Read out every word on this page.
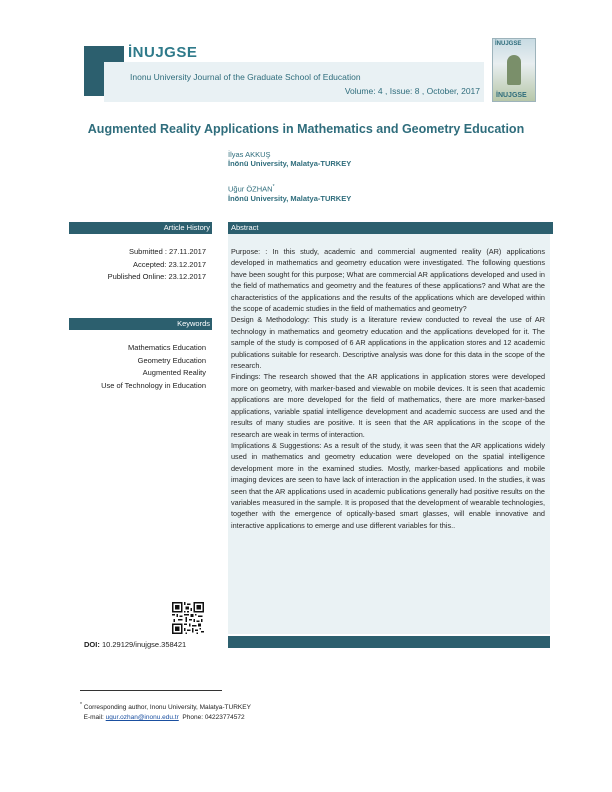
İNUJGSE
Inonu University Journal of the Graduate School of Education
Volume: 4 , Issue: 8 , October, 2017
İNUJGSE
İNUJGSE
Augmented Reality Applications in Mathematics and Geometry Education
İlyas AKKUŞ
İnönü University, Malatya-TURKEY
Uğur ÖZHAN*
İnönü University, Malatya-TURKEY
Article History	Abstract
Keywords
Submitted : 27.11.2017
Accepted: 23.12.2017
Published Online: 23.12.2017
Mathematics Education
Geometry Education
Augmented Reality
Use of Technology in Education

Purpose: : In this study, academic and commercial augmented reality (AR) applications developed in mathematics and geometry education were investigated. The following questions have been sought for this purpose; What are commercial AR applications developed and used in the field of mathematics and geometry and the features of these applications? and What are the characteristics of the applications and the results of the applications which are developed within the scope of academic studies in the field of mathematics and geometry?

Design & Methodology: This study is a literature review conducted to reveal the use of AR technology in mathematics and geometry education and the applications developed for it. The sample of the study is composed of 6 AR applications in the application stores and 12 academic publications suitable for research. Descriptive analysis was done for this data in the scope of the research.

Findings: The research showed that the AR applications in application stores were developed more on geometry, with marker-based and viewable on mobile devices. It is seen that academic applications are more developed for the field of mathematics, there are more marker-based applications, variable spatial intelligence development and academic success are used and the results of many studies are positive. It is seen that the AR applications in the scope of the research are weak in terms of interaction.

Implications & Suggestions: As a result of the study, it was seen that the AR applications widely used in mathematics and geometry education were developed on the spatial intelligence development more in the examined studies. Mostly, marker-based applications and mobile imaging devices are seen to have lack of interaction in the application used. In the studies, it was seen that the AR applications used in academic publications generally had positive results on the variables measured in the sample. It is proposed that the development of wearable technologies, together with the emergence of optically-based smart glasses, will enable innovative and interactive applications to emerge and use different variables for this..

DOI: 10.29129/inujgse.358421
* Corresponding author, Inonu University, Malatya-TURKEY
E-mail: ugur.ozhan@inonu.edu.tr Phone: 04223774572
